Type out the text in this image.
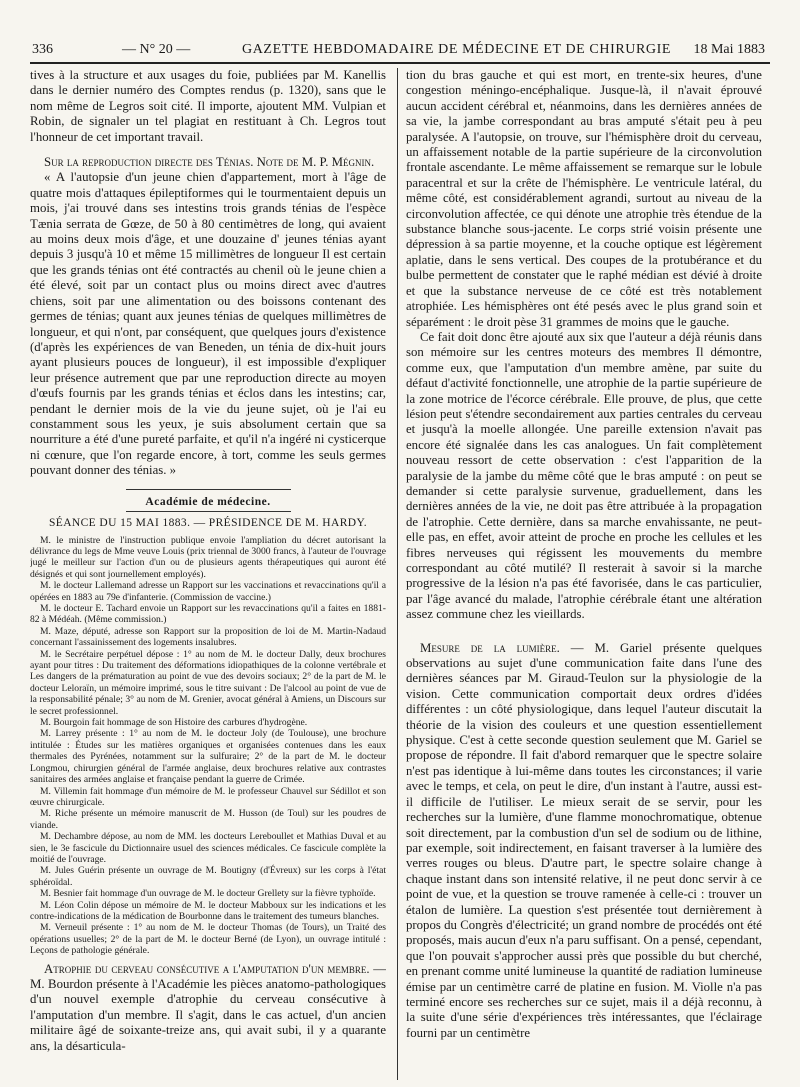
336	— N° 20 —	GAZETTE HEBDOMADAIRE DE MÉDECINE ET DE CHIRURGIE 18 Mai 1883

tives à la structure et aux usages du foie, publiées par M. Kanellis dans le dernier numéro des Comptes rendus (p. 1320), sans que le nom même de Legros soit cité. Il importe, ajoutent MM. Vulpian et Robin, de signaler un tel plagiat en restituant à Ch. Legros tout l'honneur de cet important travail.

Sur la reproduction directe des Ténias. Note de M. P. Mégnin.

« A l'autopsie d'un jeune chien d'appartement, mort à l'âge de quatre mois d'attaques épileptiformes qui le tourmentaient depuis un mois, j'ai trouvé dans ses intestins trois grands ténias de l'espèce Tænia serrata de Gœze, de 50 à 80 centimètres de long, qui avaient au moins deux mois d'âge, et une douzaine d' jeunes ténias ayant depuis 3 jusqu'à 10 et même 15 millimètres de longueur Il est certain que les grands ténias ont été contractés au chenil où le jeune chien a été élevé, soit par un contact plus ou moins direct avec d'autres chiens, soit par une alimentation ou des boissons contenant des germes de ténias; quant aux jeunes ténias de quelques millimètres de longueur, et qui n'ont, par conséquent, que quelques jours d'existence (d'après les expériences de van Beneden, un ténia de dix-huit jours ayant plusieurs pouces de longueur), il est impossible d'expliquer leur présence autrement que par une reproduction directe au moyen d'œufs fournis par les grands ténias et éclos dans les intestins; car, pendant le dernier mois de la vie du jeune sujet, où je l'ai eu constamment sous les yeux, je suis absolument certain que sa nourriture a été d'une pureté parfaite, et qu'il n'a ingéré ni cysticerque ni cœnure, que l'on regarde encore, à tort, comme les seuls germes pouvant donner des ténias. »

Académie de médecine.

SÉANCE DU 15 MAI 1883. — PRÉSIDENCE DE M. HARDY.

M. le ministre de l'instruction publique envoie l'ampliation du décret autorisant la délivrance du legs de Mme veuve Louis (prix triennal de 3000 francs, à l'auteur de l'ouvrage jugé le meilleur sur l'action d'un ou de plusieurs agents thérapeutiques qui auront été désignés et qui sont journellement employés).

M. le docteur Lallemand adresse un Rapport sur les vaccinations et revaccinations qu'il a opérées en 1883 au 79e d'infanterie. (Commission de vaccine.)

M. le docteur E. Tachard envoie un Rapport sur les revaccinations qu'il a faites en 1881-82 à Médéah. (Même commission.)

M. Maze, député, adresse son Rapport sur la proposition de loi de M. Martin-Nadaud concernant l'assainissement des logements insalubres.

M. le Secrétaire perpétuel dépose : 1° au nom de M. le docteur Dally, deux brochures ayant pour titres : Du traitement des déformations idiopathiques de la colonne vertébrale et Les dangers de la prématuration au point de vue des devoirs sociaux; 2° de la part de M. le docteur Leloraïn, un mémoire imprimé, sous le titre suivant : De l'alcool au point de vue de la responsabilité pénale; 3° au nom de M. Grenier, avocat général à Amiens, un Discours sur le secret professionnel.

M. Bourgoin fait hommage de son Histoire des carbures d'hydrogène.

M. Larrey présente : 1° au nom de M. le docteur Joly (de Toulouse), une brochure intitulée : Études sur les matières organiques et organisées contenues dans les eaux thermales des Pyrénées, notamment sur la sulfuraire; 2° de la part de M. le docteur Longmou, chirurgien général de l'armée anglaise, deux brochures relative aux contrastes sanitaires des armées anglaise et française pendant la guerre de Crimée.

M. Villemin fait hommage d'un mémoire de M. le professeur Chauvel sur Sédillot et son œuvre chirurgicale.

M. Riche présente un mémoire manuscrit de M. Husson (de Toul) sur les poudres de viande.

M. Dechambre dépose, au nom de MM. les docteurs Lereboullet et Mathias Duval et au sien, le 3e fascicule du Dictionnaire usuel des sciences médicales. Ce fascicule complète la moitié de l'ouvrage.

M. Jules Guérin présente un ouvrage de M. Boutigny (d'Évreux) sur les corps à l'état sphéroïdal.

M. Besnier fait hommage d'un ouvrage de M. le docteur Grellety sur la fièvre typhoïde.

M. Léon Colin dépose un mémoire de M. le docteur Mabboux sur les indications et les contre-indications de la médication de Bourbonne dans le traitement des tumeurs blanches.

M. Verneuil présente : 1° au nom de M. le docteur Thomas (de Tours), un Traité des opérations usuelles; 2° de la part de M. le docteur Berné (de Lyon), un ouvrage intitulé : Leçons de pathologie générale.

Atrophie du cerveau consécutive a l'amputation d'un membre. — M. Bourdon présente à l'Académie les pièces anatomo-pathologiques d'un nouvel exemple d'atrophie du cerveau consécutive à l'amputation d'un membre. Il s'agit, dans le cas actuel, d'un ancien militaire âgé de soixante-treize ans, qui avait subi, il y a quarante ans, la désarticula-

tion du bras gauche et qui est mort, en trente-six heures, d'une congestion méningo-encéphalique. Jusque-là, il n'avait éprouvé aucun accident cérébral et, néanmoins, dans les dernières années de sa vie, la jambe correspondant au bras amputé s'était peu à peu paralysée. A l'autopsie, on trouve, sur l'hémisphère droit du cerveau, un affaissement notable de la partie supérieure de la circonvolution frontale ascendante. Le même affaissement se remarque sur le lobule paracentral et sur la crête de l'hémisphère. Le ventricule latéral, du même côté, est considérablement agrandi, surtout au niveau de la circonvolution affectée, ce qui dénote une atrophie très étendue de la substance blanche sous-jacente. Le corps strié voisin présente une dépression à sa partie moyenne, et la couche optique est légèrement aplatie, dans le sens vertical. Des coupes de la protubérance et du bulbe permettent de constater que le raphé médian est dévié à droite et que la substance nerveuse de ce côté est très notablement atrophiée. Les hémisphères ont été pesés avec le plus grand soin et séparément : le droit pèse 31 grammes de moins que le gauche.

Ce fait doit donc être ajouté aux six que l'auteur a déjà réunis dans son mémoire sur les centres moteurs des membres Il démontre, comme eux, que l'amputation d'un membre amène, par suite du défaut d'activité fonctionnelle, une atrophie de la partie supérieure de la zone motrice de l'écorce cérébrale. Elle prouve, de plus, que cette lésion peut s'étendre secondairement aux parties centrales du cerveau et jusqu'à la moelle allongée. Une pareille extension n'avait pas encore été signalée dans les cas analogues. Un fait complètement nouveau ressort de cette observation : c'est l'apparition de la paralysie de la jambe du même côté que le bras amputé : on peut se demander si cette paralysie survenue, graduellement, dans les dernières années de la vie, ne doit pas être attribuée à la propagation de l'atrophie. Cette dernière, dans sa marche envahissante, ne peut-elle pas, en effet, avoir atteint de proche en proche les cellules et les fibres nerveuses qui régissent les mouvements du membre correspondant au côté mutilé? Il resterait à savoir si la marche progressive de la lésion n'a pas été favorisée, dans le cas particulier, par l'âge avancé du malade, l'atrophie cérébrale étant une altération assez commune chez les vieillards.

Mesure de la lumière. — M. Gariel présente quelques observations au sujet d'une communication faite dans l'une des dernières séances par M. Giraud-Teulon sur la physiologie de la vision. Cette communication comportait deux ordres d'idées différentes : un côté physiologique, dans lequel l'auteur discutait la théorie de la vision des couleurs et une question essentiellement physique. C'est à cette seconde question seulement que M. Gariel se propose de répondre. Il fait d'abord remarquer que le spectre solaire n'est pas identique à lui-même dans toutes les circonstances; il varie avec le temps, et cela, on peut le dire, d'un instant à l'autre, aussi est-il difficile de l'utiliser. Le mieux serait de se servir, pour les recherches sur la lumière, d'une flamme monochromatique, obtenue soit directement, par la combustion d'un sel de sodium ou de lithine, par exemple, soit indirectement, en faisant traverser à la lumière des verres rouges ou bleus. D'autre part, le spectre solaire change à chaque instant dans son intensité relative, il ne peut donc servir à ce point de vue, et la question se trouve ramenée à celle-ci : trouver un étalon de lumière. La question s'est présentée tout dernièrement à propos du Congrès d'électricité; un grand nombre de procédés ont été proposés, mais aucun d'eux n'a paru suffisant. On a pensé, cependant, que l'on pouvait s'approcher aussi près que possible du but cherché, en prenant comme unité lumineuse la quantité de radiation lumineuse émise par un centimètre carré de platine en fusion. M. Violle n'a pas terminé encore ses recherches sur ce sujet, mais il a déjà reconnu, à la suite d'une série d'expériences très intéressantes, que l'éclairage fourni par un centimètre
